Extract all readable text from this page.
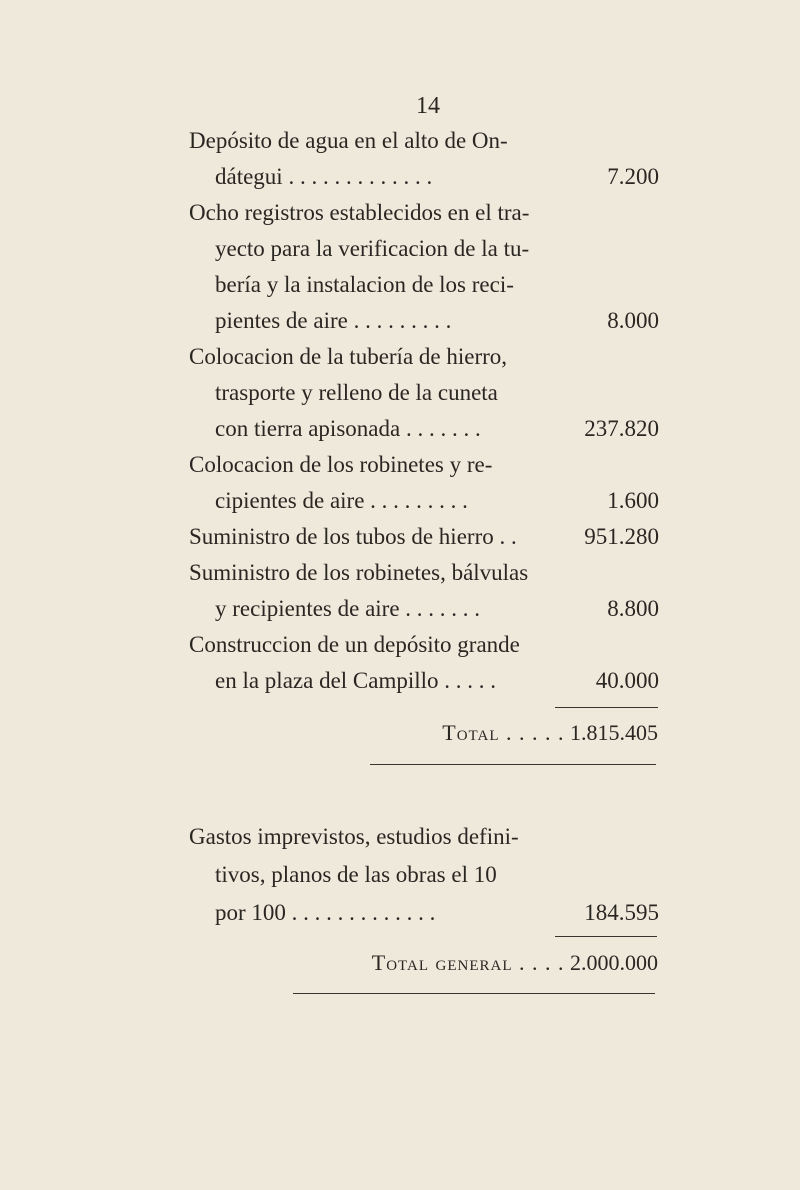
14
Depósito de agua en el alto de On-
dátegui . . . . . . . . . . . . .	7.200
Ocho registros establecidos en el tra-
yecto para la verificacion de la tu-
bería y la instalacion de los reci-
pientes de aire . . . . . . . . .	8.000
Colocacion de la tubería de hierro,
trasporte y relleno de la cuneta
con tierra apisonada . . . . . . .	237.820
Colocacion de los robinetes y re-
cipientes de aire . . . . . . . . .	1.600
Suministro de los tubos de hierro . .	951.280
Suministro de los robinetes, bálvulas
y recipientes de aire . . . . . . .	8.800
Construccion de un depósito grande
en la plaza del Campillo . . . . .	40.000
Total . . . . . 1.815.405
Gastos imprevistos, estudios defini-
tivos, planos de las obras el 10
por 100 . . . . . . . . . . . . .	184.595
Total general . . . . 2.000.000
